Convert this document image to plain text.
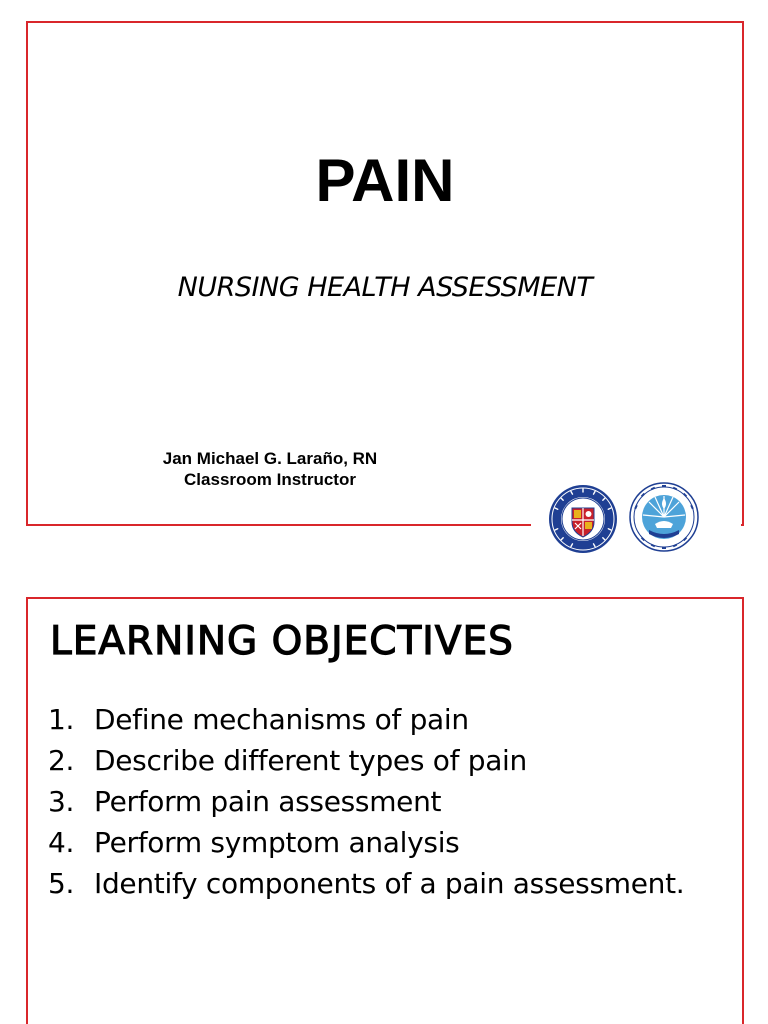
PAIN
NURSING HEALTH ASSESSMENT
Jan Michael G. Laraño, RN
Classroom Instructor
LEARNING OBJECTIVES
1. Define mechanisms of pain
2. Describe different types of pain
3. Perform pain assessment
4. Perform symptom analysis
5. Identify components of a pain assessment.
